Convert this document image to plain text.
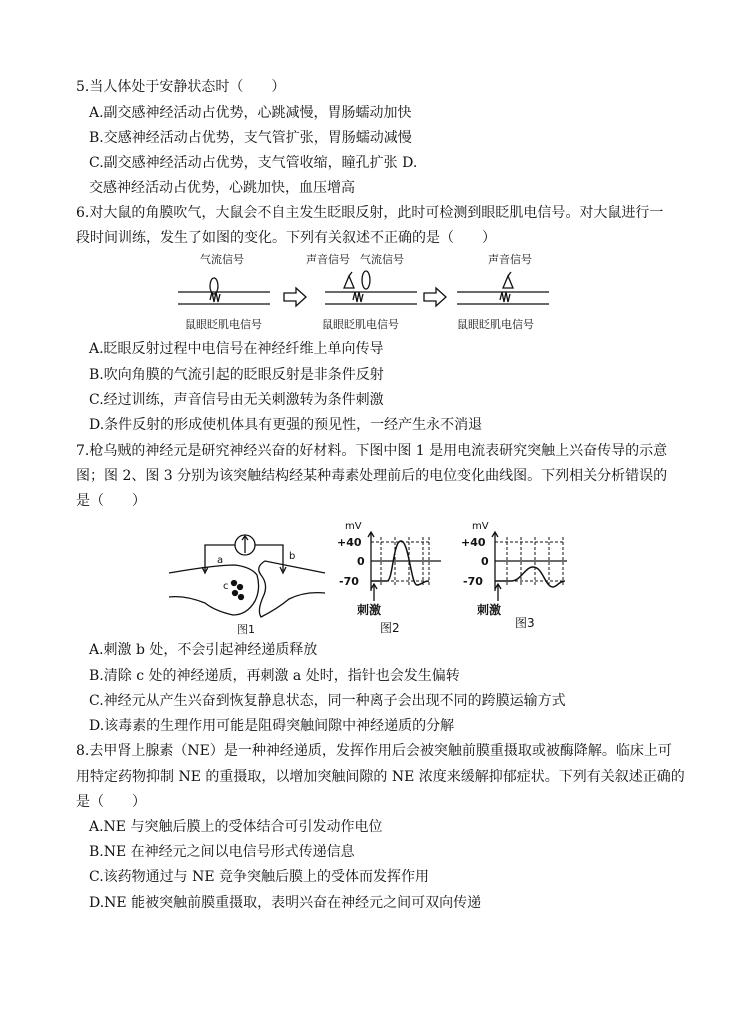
5.当人体处于安静状态时（　　）
A.副交感神经活动占优势，心跳减慢，胃肠蠕动加快
B.交感神经活动占优势，支气管扩张，胃肠蠕动减慢
C.副交感神经活动占优势，支气管收缩，瞳孔扩张 D.
交感神经活动占优势，心跳加快，血压增高
6.对大鼠的角膜吹气，大鼠会不自主发生眨眼反射，此时可检测到眼眨肌电信号。对大鼠进行一
段时间训练，发生了如图的变化。下列有关叙述不正确的是（　　）
气流信号
鼠眼眨肌电信号
声音信号 气流信号
鼠眼眨肌电信号
声音信号
鼠眼眨肌电信号
A.眨眼反射过程中电信号在神经纤维上单向传导
B.吹向角膜的气流引起的眨眼反射是非条件反射
C.经过训练，声音信号由无关刺激转为条件刺激
D.条件反射的形成使机体具有更强的预见性，一经产生永不消退
7.枪乌贼的神经元是研究神经兴奋的好材料。下图中图 1 是用电流表研究突触上兴奋传导的示意
图；图 2、图 3 分别为该突触结构经某种毒素处理前后的电位变化曲线图。下列相关分析错误的
是（　　）
a	b
c
图1
mV
+40
0
-70
刺激
图2
mV
+40
0
-70
刺激
图3
A.刺激 b 处，不会引起神经递质释放
B.清除 c 处的神经递质，再刺激 a 处时，指针也会发生偏转
C.神经元从产生兴奋到恢复静息状态，同一种离子会出现不同的跨膜运输方式
D.该毒素的生理作用可能是阻碍突触间隙中神经递质的分解
8.去甲肾上腺素（NE）是一种神经递质，发挥作用后会被突触前膜重摄取或被酶降解。临床上可
用特定药物抑制 NE 的重摄取，以增加突触间隙的 NE 浓度来缓解抑郁症状。下列有关叙述正确的
是（　　）
A.NE 与突触后膜上的受体结合可引发动作电位
B.NE 在神经元之间以电信号形式传递信息
C.该药物通过与 NE 竞争突触后膜上的受体而发挥作用
D.NE 能被突触前膜重摄取，表明兴奋在神经元之间可双向传递
